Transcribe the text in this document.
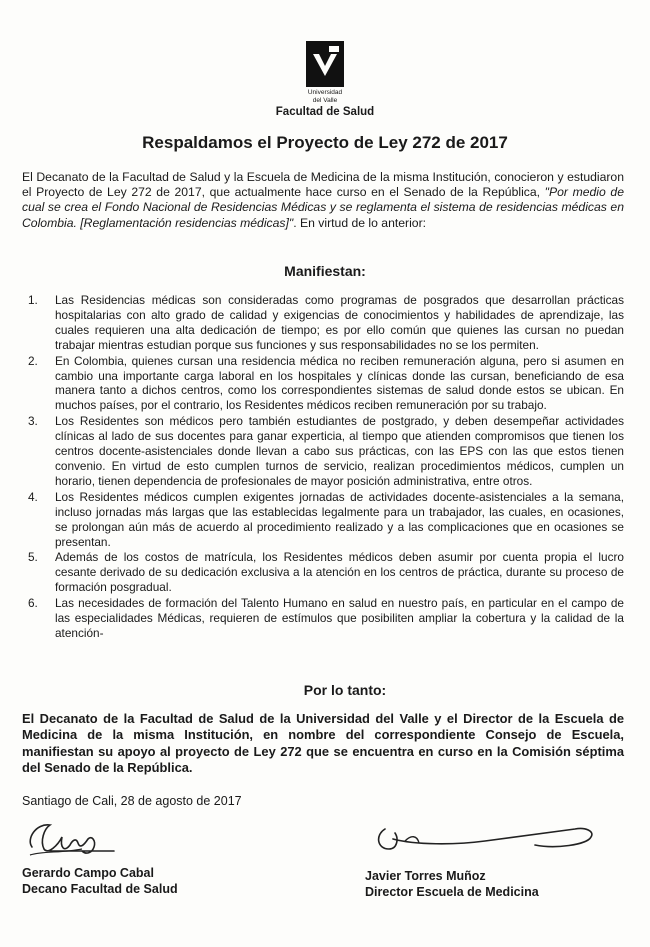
Universidad
del Valle
Facultad de Salud
Respaldamos el Proyecto de Ley 272 de 2017
El Decanato de la Facultad de Salud y la Escuela de Medicina de la misma Institución, conocieron y estudiaron el Proyecto de Ley 272 de 2017, que actualmente hace curso en el Senado de la República, "Por medio de cual se crea el Fondo Nacional de Residencias Médicas y se reglamenta el sistema de residencias médicas en Colombia. [Reglamentación residencias médicas]". En virtud de lo anterior:
Manifiestan:
1.	Las Residencias médicas son consideradas como programas de posgrados que desarrollan prácticas hospitalarias con alto grado de calidad y exigencias de conocimientos y habilidades de aprendizaje, las cuales requieren una alta dedicación de tiempo; es por ello común que quienes las cursan no puedan trabajar mientras estudian porque sus funciones y sus responsabilidades no se los permiten.
2.	En Colombia, quienes cursan una residencia médica no reciben remuneración alguna, pero si asumen en cambio una importante carga laboral en los hospitales y clínicas donde las cursan, beneficiando de esa manera tanto a dichos centros, como los correspondientes sistemas de salud donde estos se ubican. En muchos países, por el contrario, los Residentes médicos reciben remuneración por su trabajo.
3.	Los Residentes son médicos pero también estudiantes de postgrado, y deben desempeñar actividades clínicas al lado de sus docentes para ganar experticia, al tiempo que atienden compromisos que tienen los centros docente-asistenciales donde llevan a cabo sus prácticas, con las EPS con las que estos tienen convenio. En virtud de esto cumplen turnos de servicio, realizan procedimientos médicos, cumplen un horario, tienen dependencia de profesionales de mayor posición administrativa, entre otros.
4.	Los Residentes médicos cumplen exigentes jornadas de actividades docente-asistenciales a la semana, incluso jornadas más largas que las establecidas legalmente para un trabajador, las cuales, en ocasiones, se prolongan aún más de acuerdo al procedimiento realizado y a las complicaciones que en ocasiones se presentan.
5.	Además de los costos de matrícula, los Residentes médicos deben asumir por cuenta propia el lucro cesante derivado de su dedicación exclusiva a la atención en los centros de práctica, durante su proceso de formación posgradual.
6.	Las necesidades de formación del Talento Humano en salud en nuestro país, en particular en el campo de las especialidades Médicas, requieren de estímulos que posibiliten ampliar la cobertura y la calidad de la atención-
Por lo tanto:
El Decanato de la Facultad de Salud de la Universidad del Valle y el Director de la Escuela de Medicina de la misma Institución, en nombre del correspondiente Consejo de Escuela, manifiestan su apoyo al proyecto de Ley 272 que se encuentra en curso en la Comisión séptima del Senado de la República.
Santiago de Cali, 28 de agosto de 2017
Gerardo Campo Cabal
Decano Facultad de Salud
Javier Torres Muñoz
Director Escuela de Medicina
